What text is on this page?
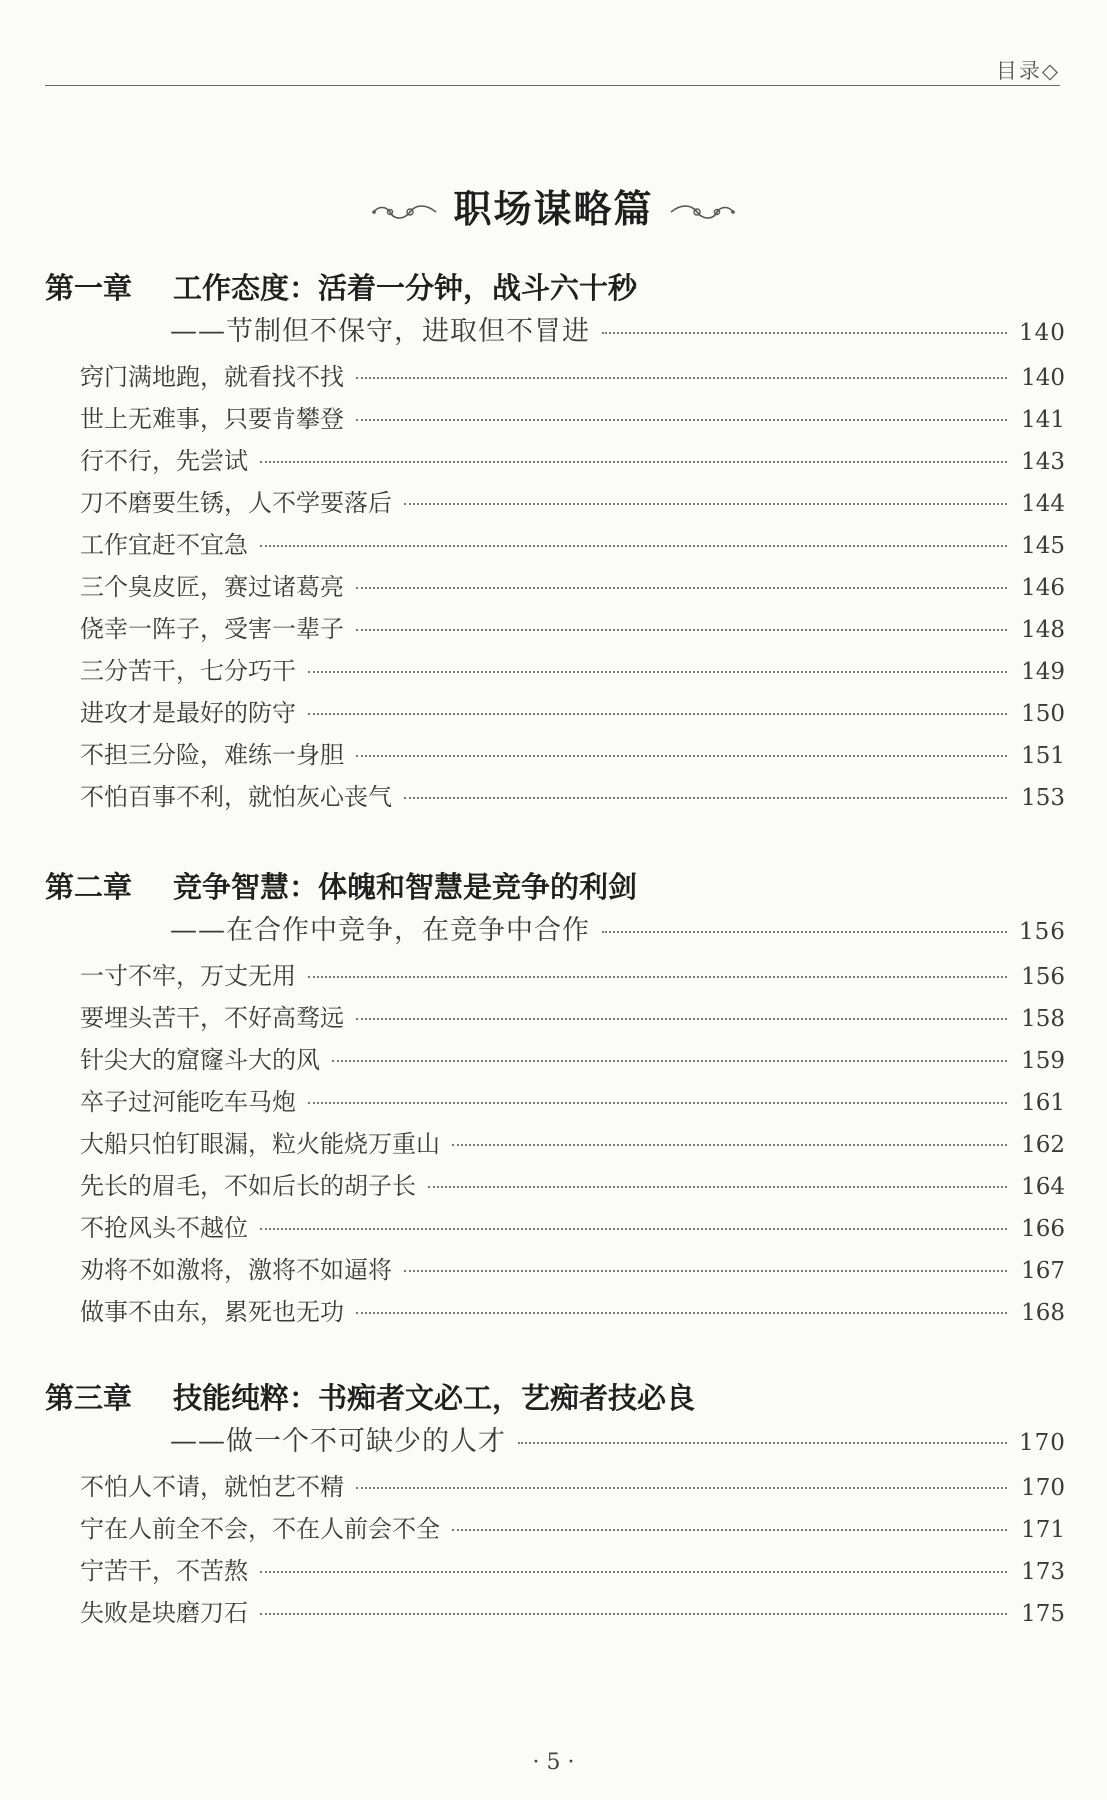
目录◇
职场谋略篇
第一章 工作态度：活着一分钟，战斗六十秒
——节制但不保守，进取但不冒进	140
窍门满地跑，就看找不找	140
世上无难事，只要肯攀登	141
行不行，先尝试	143
刀不磨要生锈，人不学要落后	144
工作宜赶不宜急	145
三个臭皮匠，赛过诸葛亮	146
侥幸一阵子，受害一辈子	148
三分苦干，七分巧干	149
进攻才是最好的防守	150
不担三分险，难练一身胆	151
不怕百事不利，就怕灰心丧气	153
第二章 竞争智慧：体魄和智慧是竞争的利剑
——在合作中竞争，在竞争中合作	156
一寸不牢，万丈无用	156
要埋头苦干，不好高骛远	158
针尖大的窟窿斗大的风	159
卒子过河能吃车马炮	161
大船只怕钉眼漏，粒火能烧万重山	162
先长的眉毛，不如后长的胡子长	164
不抢风头不越位	166
劝将不如激将，激将不如逼将	167
做事不由东，累死也无功	168
第三章 技能纯粹：书痴者文必工，艺痴者技必良
——做一个不可缺少的人才	170
不怕人不请，就怕艺不精	170
宁在人前全不会，不在人前会不全	171
宁苦干，不苦熬	173
失败是块磨刀石	175
· 5 ·
